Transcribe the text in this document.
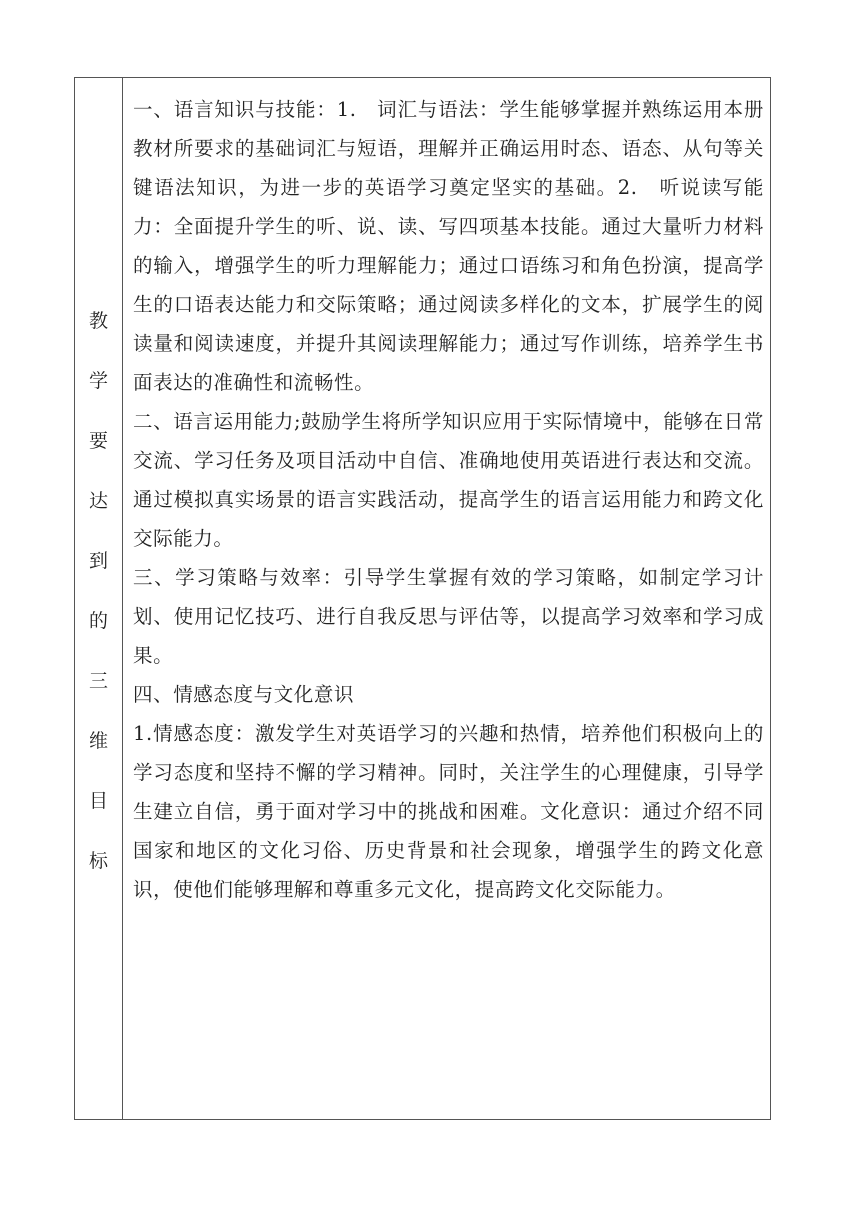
教
学
要
达
到
的
三
维
目
标

一、语言知识与技能：1.　词汇与语法：学生能够掌握并熟练运用本册教材所要求的基础词汇与短语，理解并正确运用时态、语态、从句等关键语法知识，为进一步的英语学习奠定坚实的基础。2.　听说读写能力：全面提升学生的听、说、读、写四项基本技能。通过大量听力材料的输入，增强学生的听力理解能力；通过口语练习和角色扮演，提高学生的口语表达能力和交际策略；通过阅读多样化的文本，扩展学生的阅读量和阅读速度，并提升其阅读理解能力；通过写作训练，培养学生书面表达的准确性和流畅性。

二、语言运用能力;鼓励学生将所学知识应用于实际情境中，能够在日常交流、学习任务及项目活动中自信、准确地使用英语进行表达和交流。通过模拟真实场景的语言实践活动，提高学生的语言运用能力和跨文化交际能力。

三、学习策略与效率：引导学生掌握有效的学习策略，如制定学习计划、使用记忆技巧、进行自我反思与评估等，以提高学习效率和学习成果。

四、情感态度与文化意识

1.情感态度：激发学生对英语学习的兴趣和热情，培养他们积极向上的学习态度和坚持不懈的学习精神。同时，关注学生的心理健康，引导学生建立自信，勇于面对学习中的挑战和困难。文化意识：通过介绍不同国家和地区的文化习俗、历史背景和社会现象，增强学生的跨文化意识，使他们能够理解和尊重多元文化，提高跨文化交际能力。
